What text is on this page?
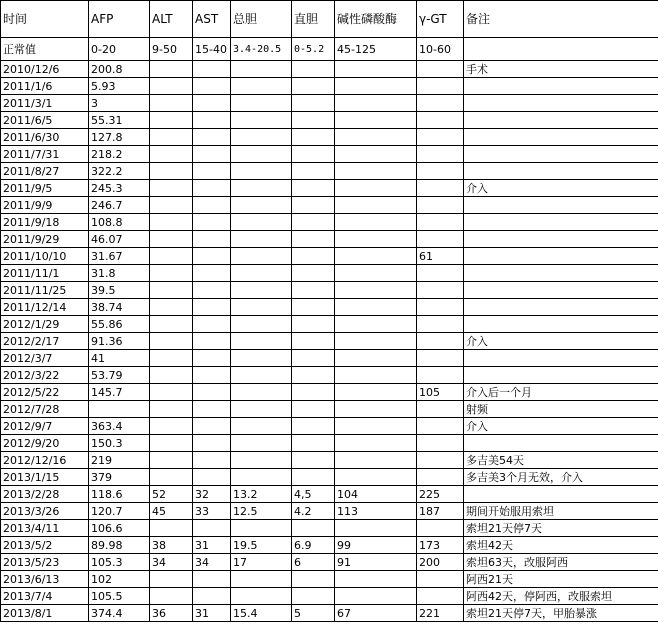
时间	AFP	ALT	AST	总胆	直胆	碱性磷酸酶	γ-GT	备注
正常值	0-20	9-50	15-40	3.4-20.5	0-5.2	45-125	10-60	
2010/12/6	200.8							手术
2011/1/6	5.93							
2011/3/1	3							
2011/6/5	55.31							
2011/6/30	127.8							
2011/7/31	218.2							
2011/8/27	322.2							
2011/9/5	245.3							介入
2011/9/9	246.7							
2011/9/18	108.8							
2011/9/29	46.07							
2011/10/10	31.67						61	
2011/11/1	31.8							
2011/11/25	39.5							
2011/12/14	38.74							
2012/1/29	55.86							
2012/2/17	91.36							介入
2012/3/7	41							
2012/3/22	53.79							
2012/5/22	145.7						105	介入后一个月
2012/7/28								射频
2012/9/7	363.4							介入
2012/9/20	150.3							
2012/12/16	219							多吉美54天
2013/1/15	379							多吉美3个月无效，介入
2013/2/28	118.6	52	32	13.2	4,5	104	225	
2013/3/26	120.7	45	33	12.5	4.2	113	187	期间开始服用索坦
2013/4/11	106.6							索坦21天停7天
2013/5/2	89.98	38	31	19.5	6.9	99	173	索坦42天
2013/5/23	105.3	34	34	17	6	91	200	索坦63天，改服阿西
2013/6/13	102							阿西21天
2013/7/4	105.5							阿西42天，停阿西，改服索坦
2013/8/1	374.4	36	31	15.4	5	67	221	索坦21天停7天，甲胎暴涨
